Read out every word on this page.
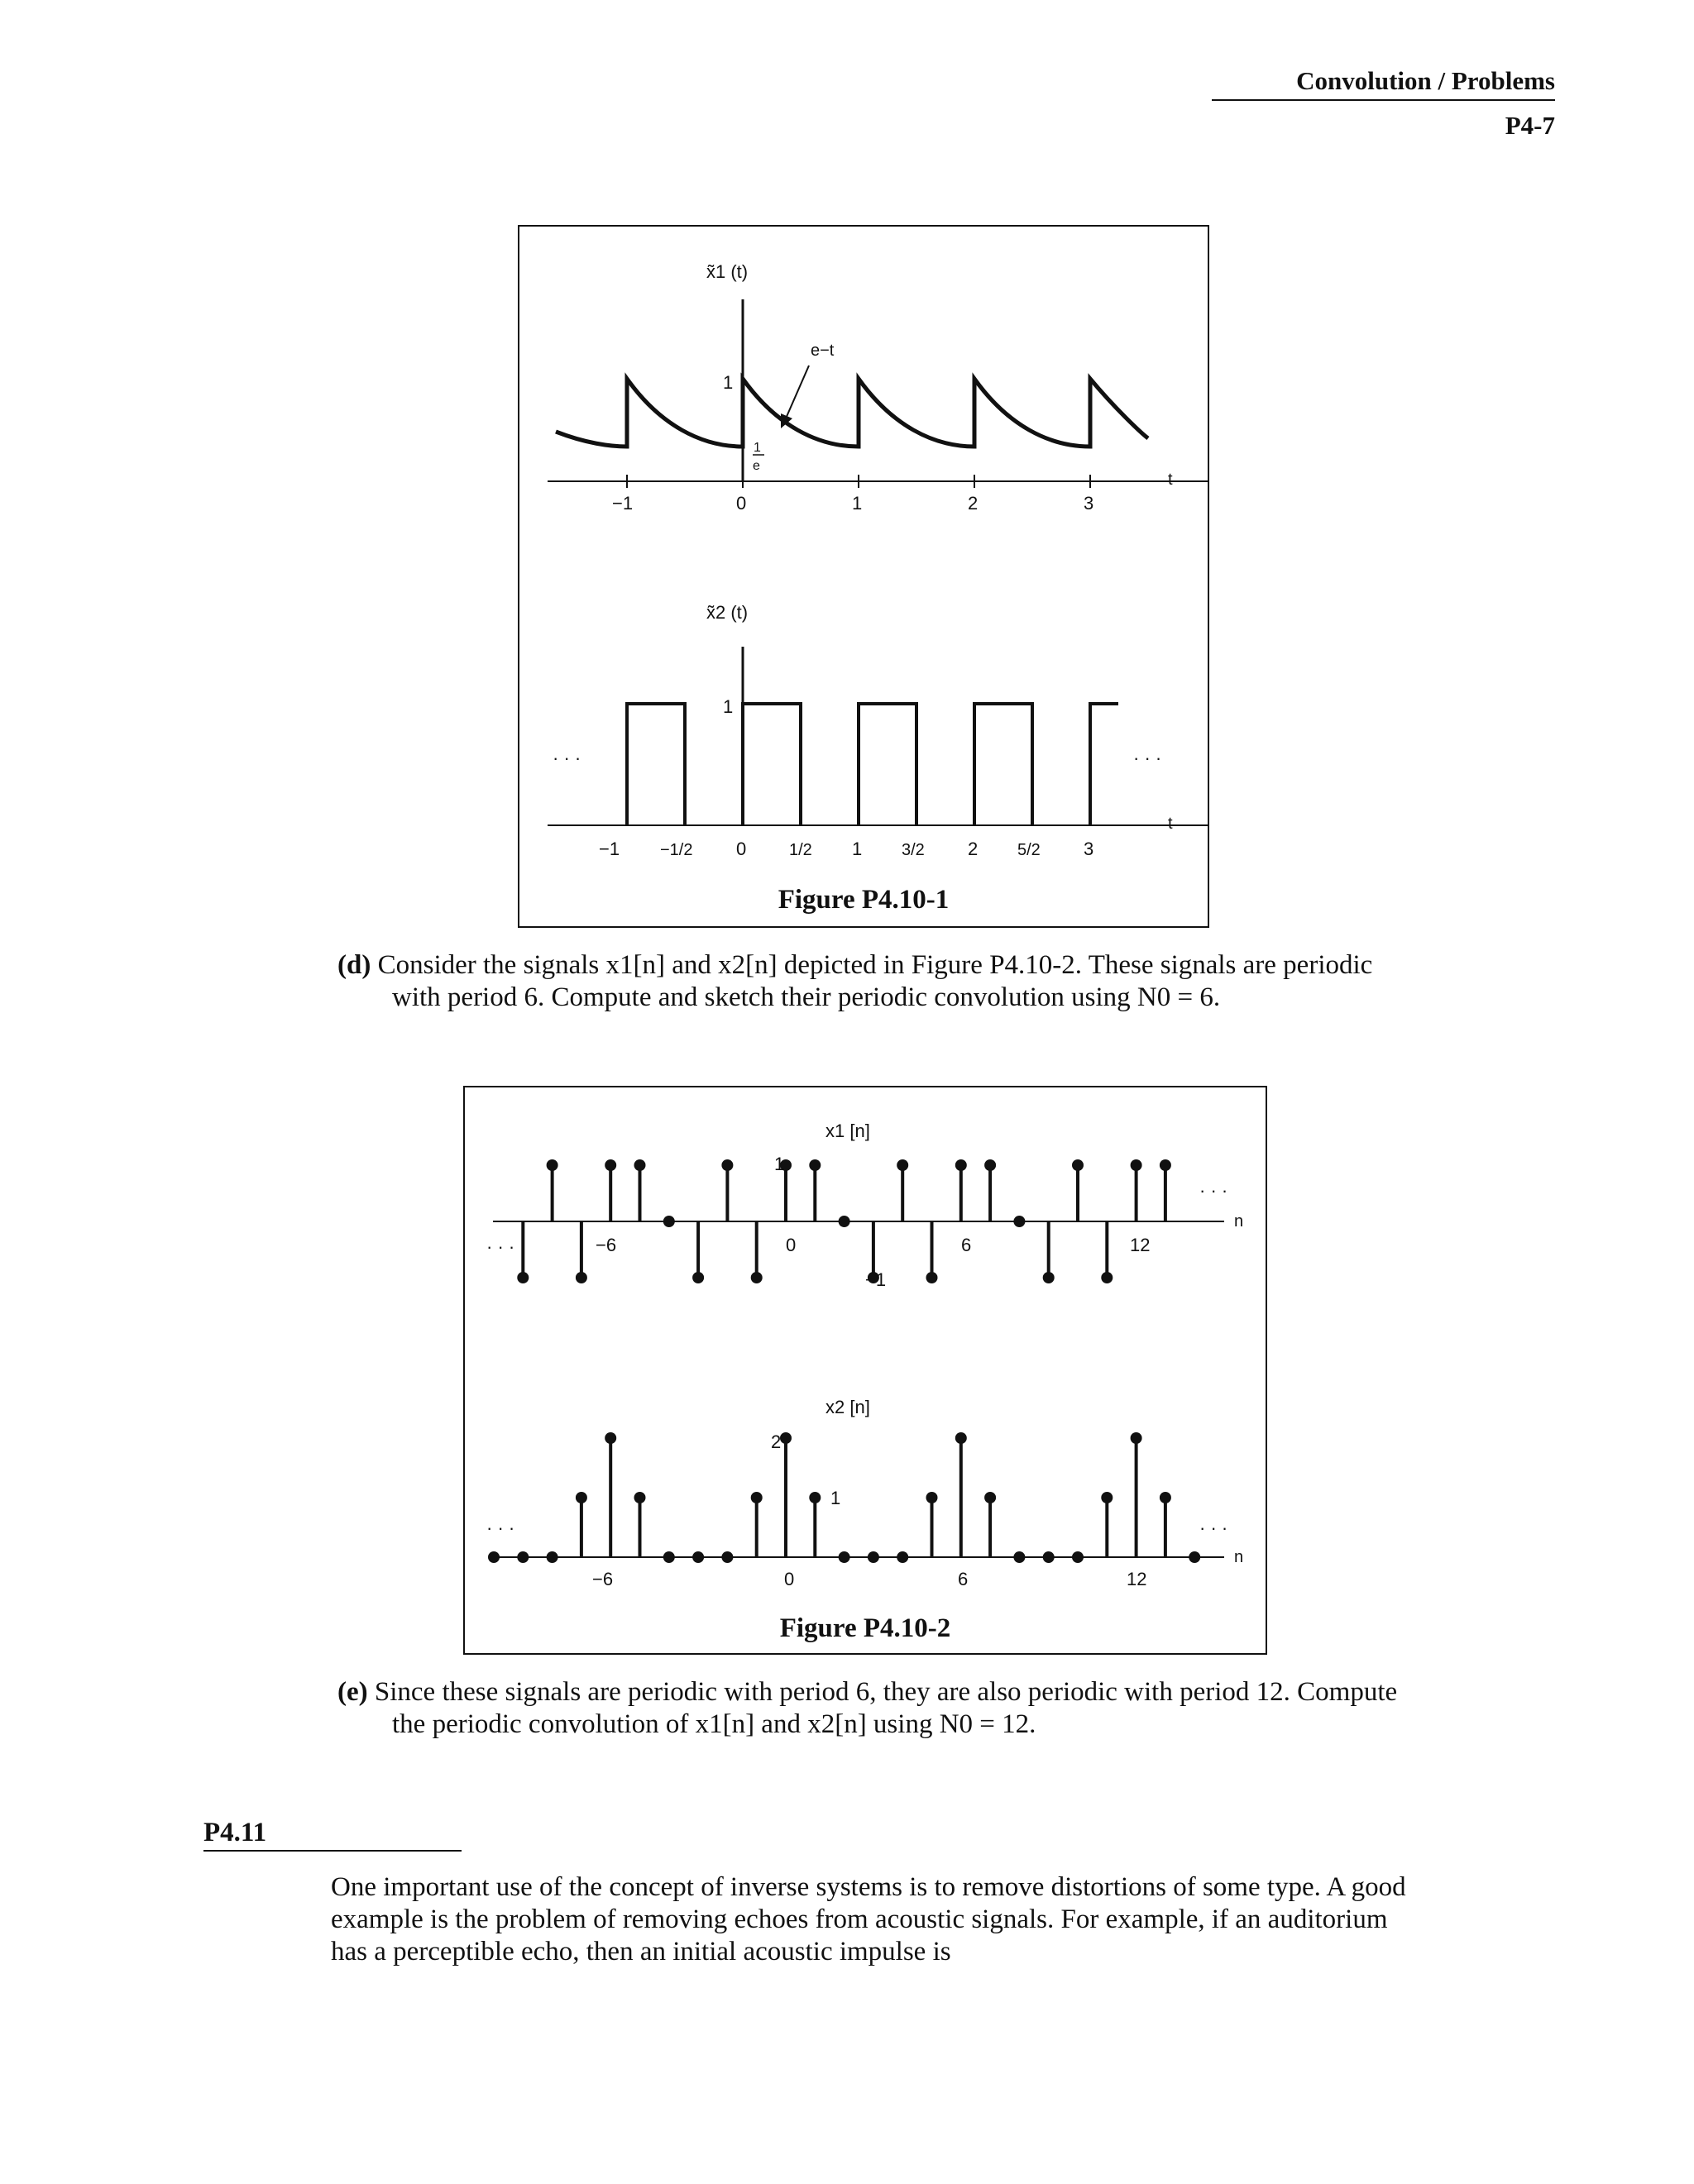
Convolution / Problems
P4-7
x̃1 (t)
e−t
1
1
e
t
−1	0	1	2	3
x̃2 (t)
1
· · ·	· · ·
t
−1 −1/2 0	1/2 1 3/2 2 5/2 3
Figure P4.10-1
(d) Consider the signals x1[n] and x2[n] depicted in Figure P4.10-2. These signals are periodic with period 6. Compute and sketch their periodic convolution using N0 = 6.
x1 [n]
1
−1
· · ·
· · ·
n
−6	0	6	12
x2 [n]
2
1
· · ·	· · ·
n
−6	0	6	12
Figure P4.10-2
(e) Since these signals are periodic with period 6, they are also periodic with period 12. Compute the periodic convolution of x1[n] and x2[n] using N0 = 12.
P4.11
One important use of the concept of inverse systems is to remove distortions of some type. A good example is the problem of removing echoes from acoustic signals. For example, if an auditorium has a perceptible echo, then an initial acoustic impulse is
